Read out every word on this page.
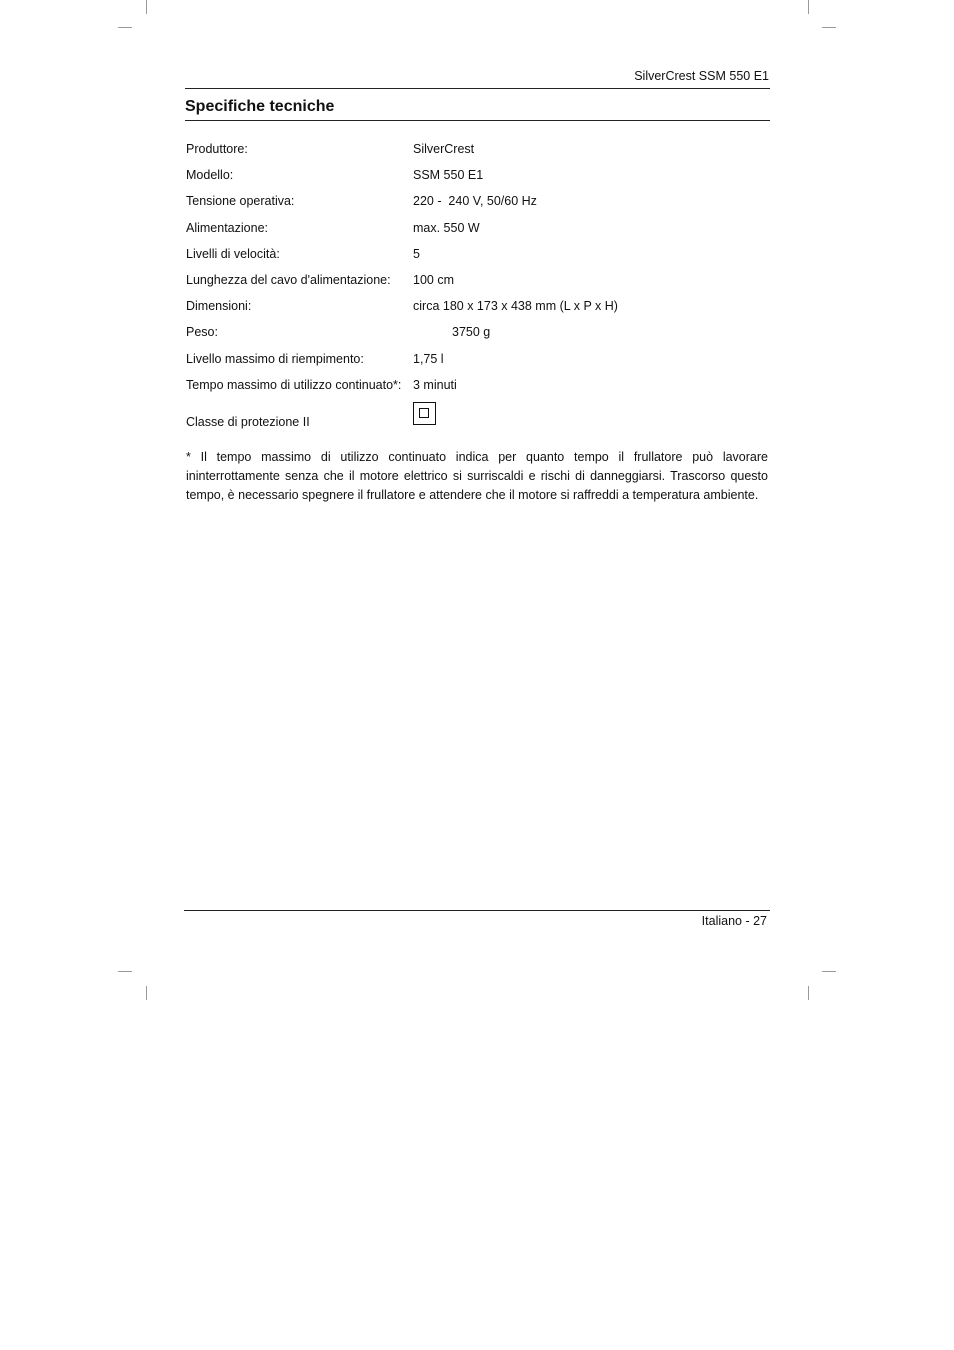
SilverCrest SSM 550 E1
Specifiche tecniche
Produttore:	SilverCrest
Modello:	SSM 550 E1
Tensione operativa:	220 -  240 V, 50/60 Hz
Alimentazione:	max. 550 W
Livelli di velocità:	5
Lunghezza del cavo d'alimentazione: 100 cm
Dimensioni:	circa 180 x 173 x 438 mm (L x P x H)
Peso:	3750 g
Livello massimo di riempimento:	1,75 l
Tempo massimo di utilizzo continuato*: 3 minuti
Classe di protezione II

* Il tempo massimo di utilizzo continuato indica per quanto tempo il frullatore può lavorare ininterrottamente senza che il motore elettrico si surriscaldi e rischi di danneggiarsi. Trascorso questo tempo, è necessario spegnere il frullatore e attendere che il motore si raffreddi a temperatura ambiente.

Italiano - 27
